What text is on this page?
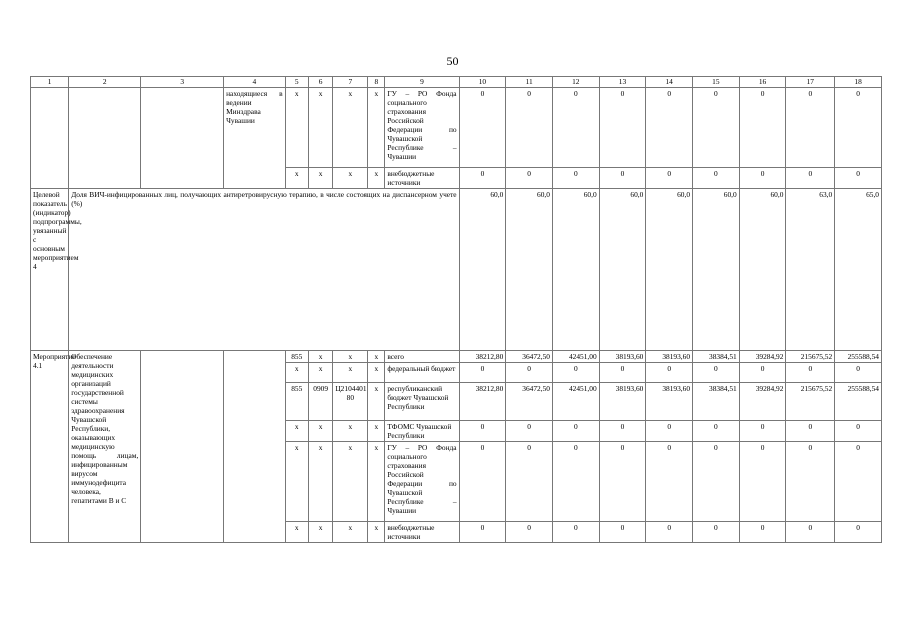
50
1	2	3	4	5	6	7	8	9	10	11	12	13	14	15	16	17	18
			находящиеся в ведении Минздрава Чувашии	x	x	x	x	ГУ – РО Фонда социального страхования Российской Федерации по Чувашской Республике – Чувашии	0	0	0	0	0	0	0	0	0
				x	x	x	x	внебюджетные источники	0	0	0	0	0	0	0	0	0
Целевой показатель (индикатор) подпрограммы, увязанный с основным мероприятием 4	Доля ВИЧ-инфицированных лиц, получающих антиретровирусную терапию, в числе состоящих на диспансерном учете (%)								60,0	60,0	60,0	60,0	60,0	60,0	60,0	63,0	65,0
Мероприятие 4.1	Обеспечение деятельности медицинских организаций государственной системы здравоохранения Чувашской Республики, оказывающих медицинскую помощь лицам, инфицированным вирусом иммунодефицита человека, гепатитами B и C			855	x	x	x	всего	38212,80	36472,50	42451,00	38193,60	38193,60	38384,51	39284,92	215675,52	255588,54
				x	x	x	x	федеральный бюджет	0	0	0	0	0	0	0	0	0
				855	0909	Ц2104401 80	x	республиканский бюджет Чувашской Республики	38212,80	36472,50	42451,00	38193,60	38193,60	38384,51	39284,92	215675,52	255588,54
				x	x	x	x	ТФОМС Чувашской Республики	0	0	0	0	0	0	0	0	0
				x	x	x	x	ГУ – РО Фонда социального страхования Российской Федерации по Чувашской Республике – Чувашии	0	0	0	0	0	0	0	0	0
				x	x	x	x	внебюджетные источники	0	0	0	0	0	0	0	0	0
